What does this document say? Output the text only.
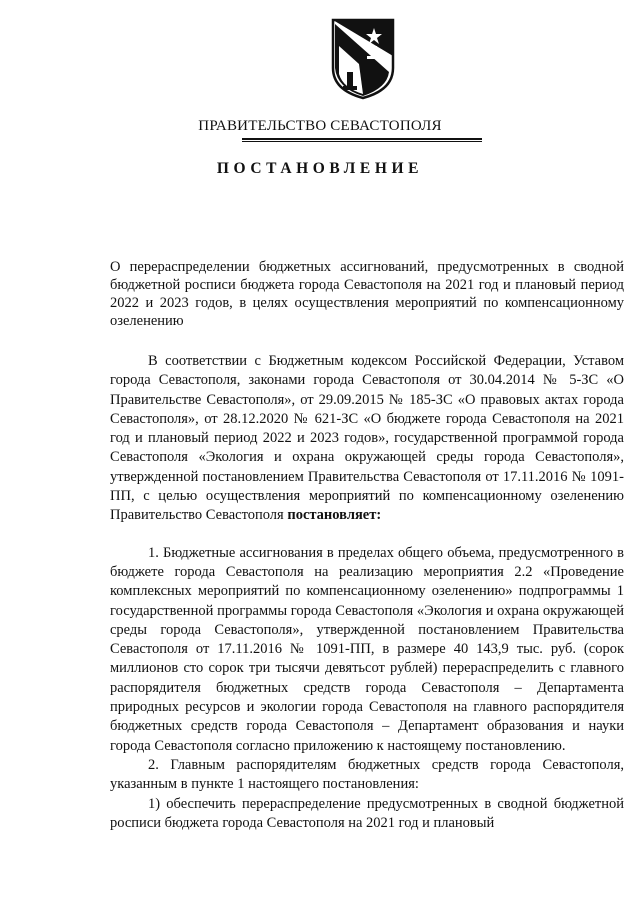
ПРАВИТЕЛЬСТВО СЕВАСТОПОЛЯ
ПОСТАНОВЛЕНИЕ
О перераспределении бюджетных ассигнований, предусмотренных в сводной бюджетной росписи бюджета города Севастополя на 2021 год и плановый период 2022 и 2023 годов, в целях осуществления мероприятий по компенсационному озеленению

В соответствии с Бюджетным кодексом Российской Федерации, Уставом города Севастополя, законами города Севастополя от 30.04.2014 № 5-ЗС «О Правительстве Севастополя», от 29.09.2015 № 185-ЗС «О правовых актах города Севастополя», от 28.12.2020 № 621-ЗС «О бюджете города Севастополя на 2021 год и плановый период 2022 и 2023 годов», государственной программой города Севастополя «Экология и охрана окружающей среды города Севастополя», утвержденной постановлением Правительства Севастополя от 17.11.2016 № 1091-ПП, с целью осуществления мероприятий по компенсационному озеленению Правительство Севастополя постановляет:

1. Бюджетные ассигнования в пределах общего объема, предусмотренного в бюджете города Севастополя на реализацию мероприятия 2.2 «Проведение комплексных мероприятий по компенсационному озеленению» подпрограммы 1 государственной программы города Севастополя «Экология и охрана окружающей среды города Севастополя», утвержденной постановлением Правительства Севастополя от 17.11.2016 № 1091-ПП, в размере 40 143,9 тыс. руб. (сорок миллионов сто сорок три тысячи девятьсот рублей) перераспределить с главного распорядителя бюджетных средств города Севастополя – Департамента природных ресурсов и экологии города Севастополя на главного распорядителя бюджетных средств города Севастополя – Департамент образования и науки города Севастополя согласно приложению к настоящему постановлению.

2. Главным распорядителям бюджетных средств города Севастополя, указанным в пункте 1 настоящего постановления:

1) обеспечить перераспределение предусмотренных в сводной бюджетной росписи бюджета города Севастополя на 2021 год и плановый
